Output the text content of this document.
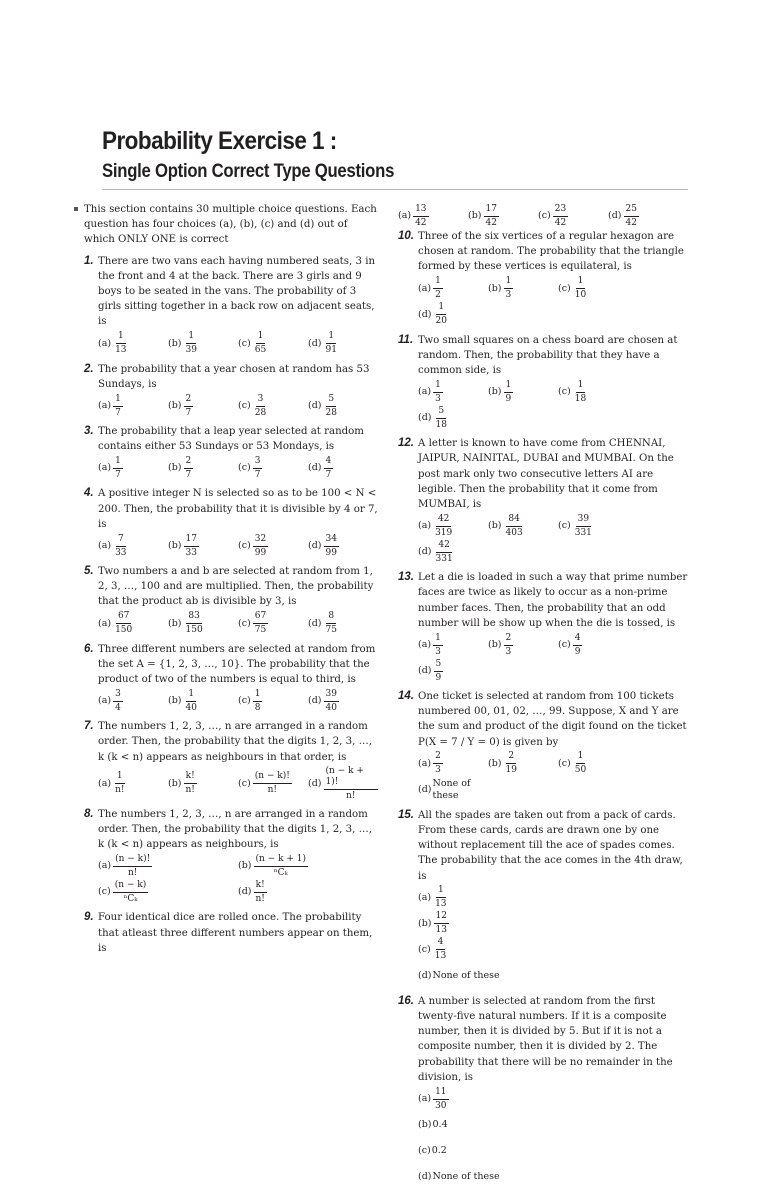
Probability Exercise 1 :
Single Option Correct Type Questions
This section contains 30 multiple choice questions. Each question has four choices (a), (b), (c) and (d) out of which ONLY ONE is correct
1. There are two vans each having numbered seats, 3 in the front and 4 at the back. There are 3 girls and 9 boys to be seated in the vans. The probability of 3 girls sitting together in a back row on adjacent seats, is
$(a) \frac{1}{13}$	$(b) \frac{1}{39}$	$(c) \frac{1}{65}$	$(d) \frac{1}{91}$
2. The probability that a year chosen at random has 53 Sundays, is
$(a) \frac{1}{7}$	$(b) \frac{2}{7}$	$(c) \frac{3}{28}$	$(d) \frac{5}{28}$
3. The probability that a leap year selected at random contains either 53 Sundays or 53 Mondays, is
$(a) \frac{1}{7}$	$(b) \frac{2}{7}$	$(c) \frac{3}{7}$	$(d) \frac{4}{7}$
4. A positive integer N is selected so as to be 100 < N < 200. Then, the probability that it is divisible by 4 or 7, is
$(a) \frac{7}{33}$	$(b) \frac{17}{33}$	$(c) \frac{32}{99}$	$(d) \frac{34}{99}$
5. Two numbers a and b are selected at random from 1, 2, 3, …, 100 and are multiplied. Then, the probability that the product ab is divisible by 3, is
$(a) \frac{67}{150}$	$(b) \frac{83}{150}$	$(c) \frac{67}{75}$	$(d) \frac{8}{75}$
6. Three different numbers are selected at random from the set A = {1, 2, 3, …, 10}. The probability that the product of two of the numbers is equal to third, is
$(a) \frac{3}{4}$	$(b) \frac{1}{40}$	$(c) \frac{1}{8}$	$(d) \frac{39}{40}$
7. The numbers 1, 2, 3, …, n are arranged in a random order. Then, the probability that the digits 1, 2, 3, …, k (k < n) appears as neighbours in that order, is
$(a) \frac{1}{n!}$	$(b) \frac{k!}{n!}$	$(c) \frac{(n - k)!}{n!} (d) \frac{(n - k + 1)!}{n!}$
8. The numbers 1, 2, 3, …, n are arranged in a random order. Then, the probability that the digits 1, 2, 3, …, k (k < n) appears as neighbours, is
$(a) \frac{(n - k)!}{n!}$	$(b) \frac{(n - k + 1)}{\text{ⁿCₖ}}$
$(c) \frac{(n - k)}{\text{ⁿCₖ}}$	$(d) \frac{k!}{n!}$
9. Four identical dice are rolled once. The probability that atleast three different numbers appear on them, is
$(a) \frac{13}{42}$	$(b) \frac{17}{42}$	$(c) \frac{23}{42}$	$(d) \frac{25}{42}$
10. Three of the six vertices of a regular hexagon are chosen at random. The probability that the triangle formed by these vertices is equilateral, is
$(a) \frac{1}{2}$	$(b) \frac{1}{3}$	$(c) \frac{1}{10}$
$(d) \frac{1}{20}$
11. Two small squares on a chess board are chosen at random. Then, the probability that they have a common side, is
$(a) \frac{1}{3}$	$(b) \frac{1}{9}$	$(c) \frac{1}{18}$
$(d) \frac{5}{18}$
12. A letter is known to have come from CHENNAI, JAIPUR, NAINITAL, DUBAI and MUMBAI. On the post mark only two consecutive letters AI are legible. Then the probability that it come from MUMBAI, is
$(a) \frac{42}{319}$	$(b) \frac{84}{403}$	$(c) \frac{39}{331}$
$(d) \frac{42}{331}$
13. Let a die is loaded in such a way that prime number faces are twice as likely to occur as a non-prime number faces. Then, the probability that an odd number will be show up when the die is tossed, is
$(a) \frac{1}{3}$	$(b) \frac{2}{3}$	$(c) \frac{4}{9}$
$(d) \frac{5}{9}$
14. One ticket is selected at random from 100 tickets numbered 00, 01, 02, …, 99. Suppose, X and Y are the sum and product of the digit found on the ticket P(X = 7 / Y = 0) is given by
$(a) \frac{2}{3}$	$(b) \frac{2}{19}$	$(c) \frac{1}{50}$
(d)
None of these
15. All the spades are taken out from a pack of cards. From these cards, cards are drawn one by one without replacement till the ace of spades comes. The probability that the ace comes in the 4th draw, is
$(a) \frac{1}{13}$
$(b) \frac{12}{13}$
$(c) \frac{4}{13}$
(d) None of these
16. A number is selected at random from the first twenty-five natural numbers. If it is a composite number, then it is divided by 5. But if it is not a composite number, then it is divided by 2. The probability that there will be no remainder in the division, is
$(a) \frac{11}{30}$
(b) 0.4
(c) 0.2
(d) None of these
